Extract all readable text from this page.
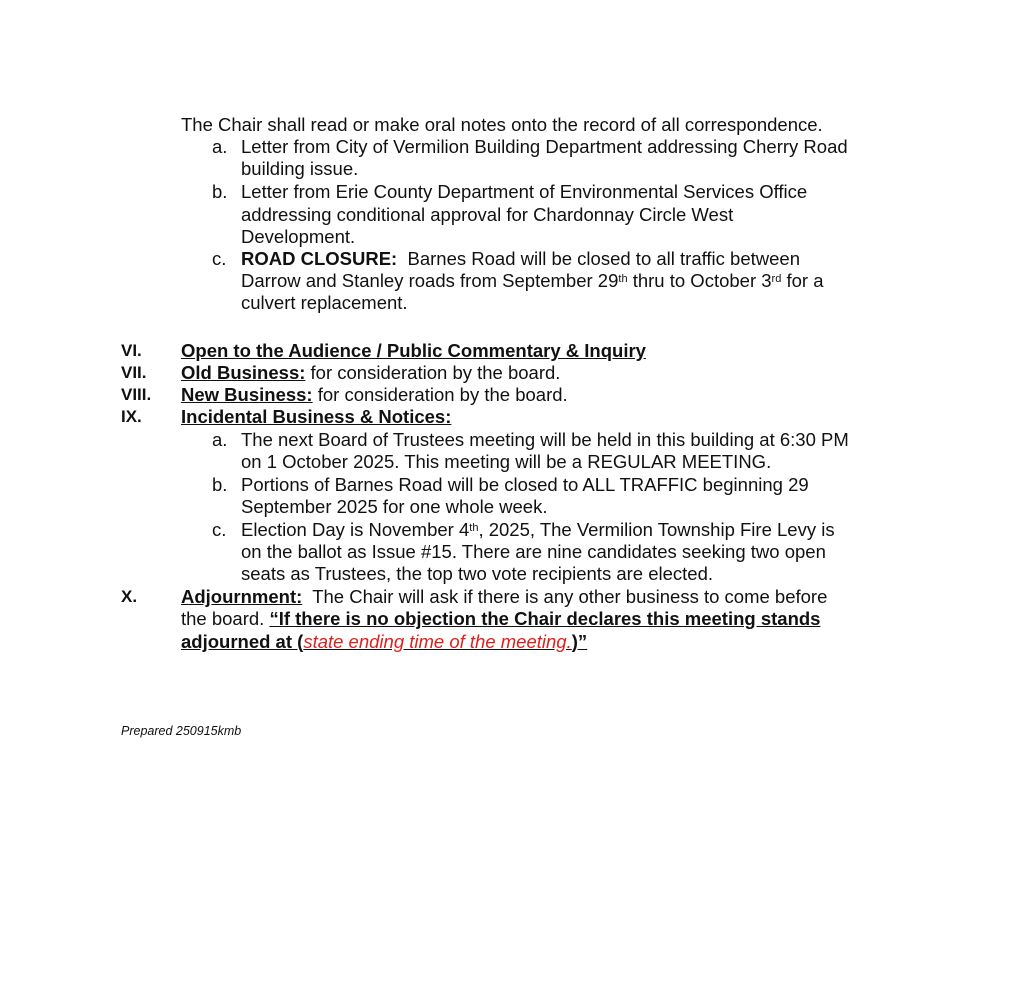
The Chair shall read or make oral notes onto the record of all correspondence.
a. Letter from City of Vermilion Building Department addressing Cherry Road
building issue.
b. Letter from Erie County Department of Environmental Services Office
addressing conditional approval for Chardonnay Circle West
Development.
c. ROAD CLOSURE:  Barnes Road will be closed to all traffic between
Darrow and Stanley roads from September 29th thru to October 3rd for a
culvert replacement.
VI. Open to the Audience / Public Commentary & Inquiry
VII. Old Business: for consideration by the board.
VIII. New Business: for consideration by the board.
IX. Incidental Business & Notices:
a. The next Board of Trustees meeting will be held in this building at 6:30 PM
on 1 October 2025. This meeting will be a REGULAR MEETING.
b. Portions of Barnes Road will be closed to ALL TRAFFIC beginning 29
September 2025 for one whole week.
c. Election Day is November 4th, 2025, The Vermilion Township Fire Levy is
on the ballot as Issue #15. There are nine candidates seeking two open
seats as Trustees, the top two vote recipients are elected.
X. Adjournment:  The Chair will ask if there is any other business to come before
the board. “If there is no objection the Chair declares this meeting stands
adjourned at (state ending time of the meeting.)”
Prepared 250915kmb
